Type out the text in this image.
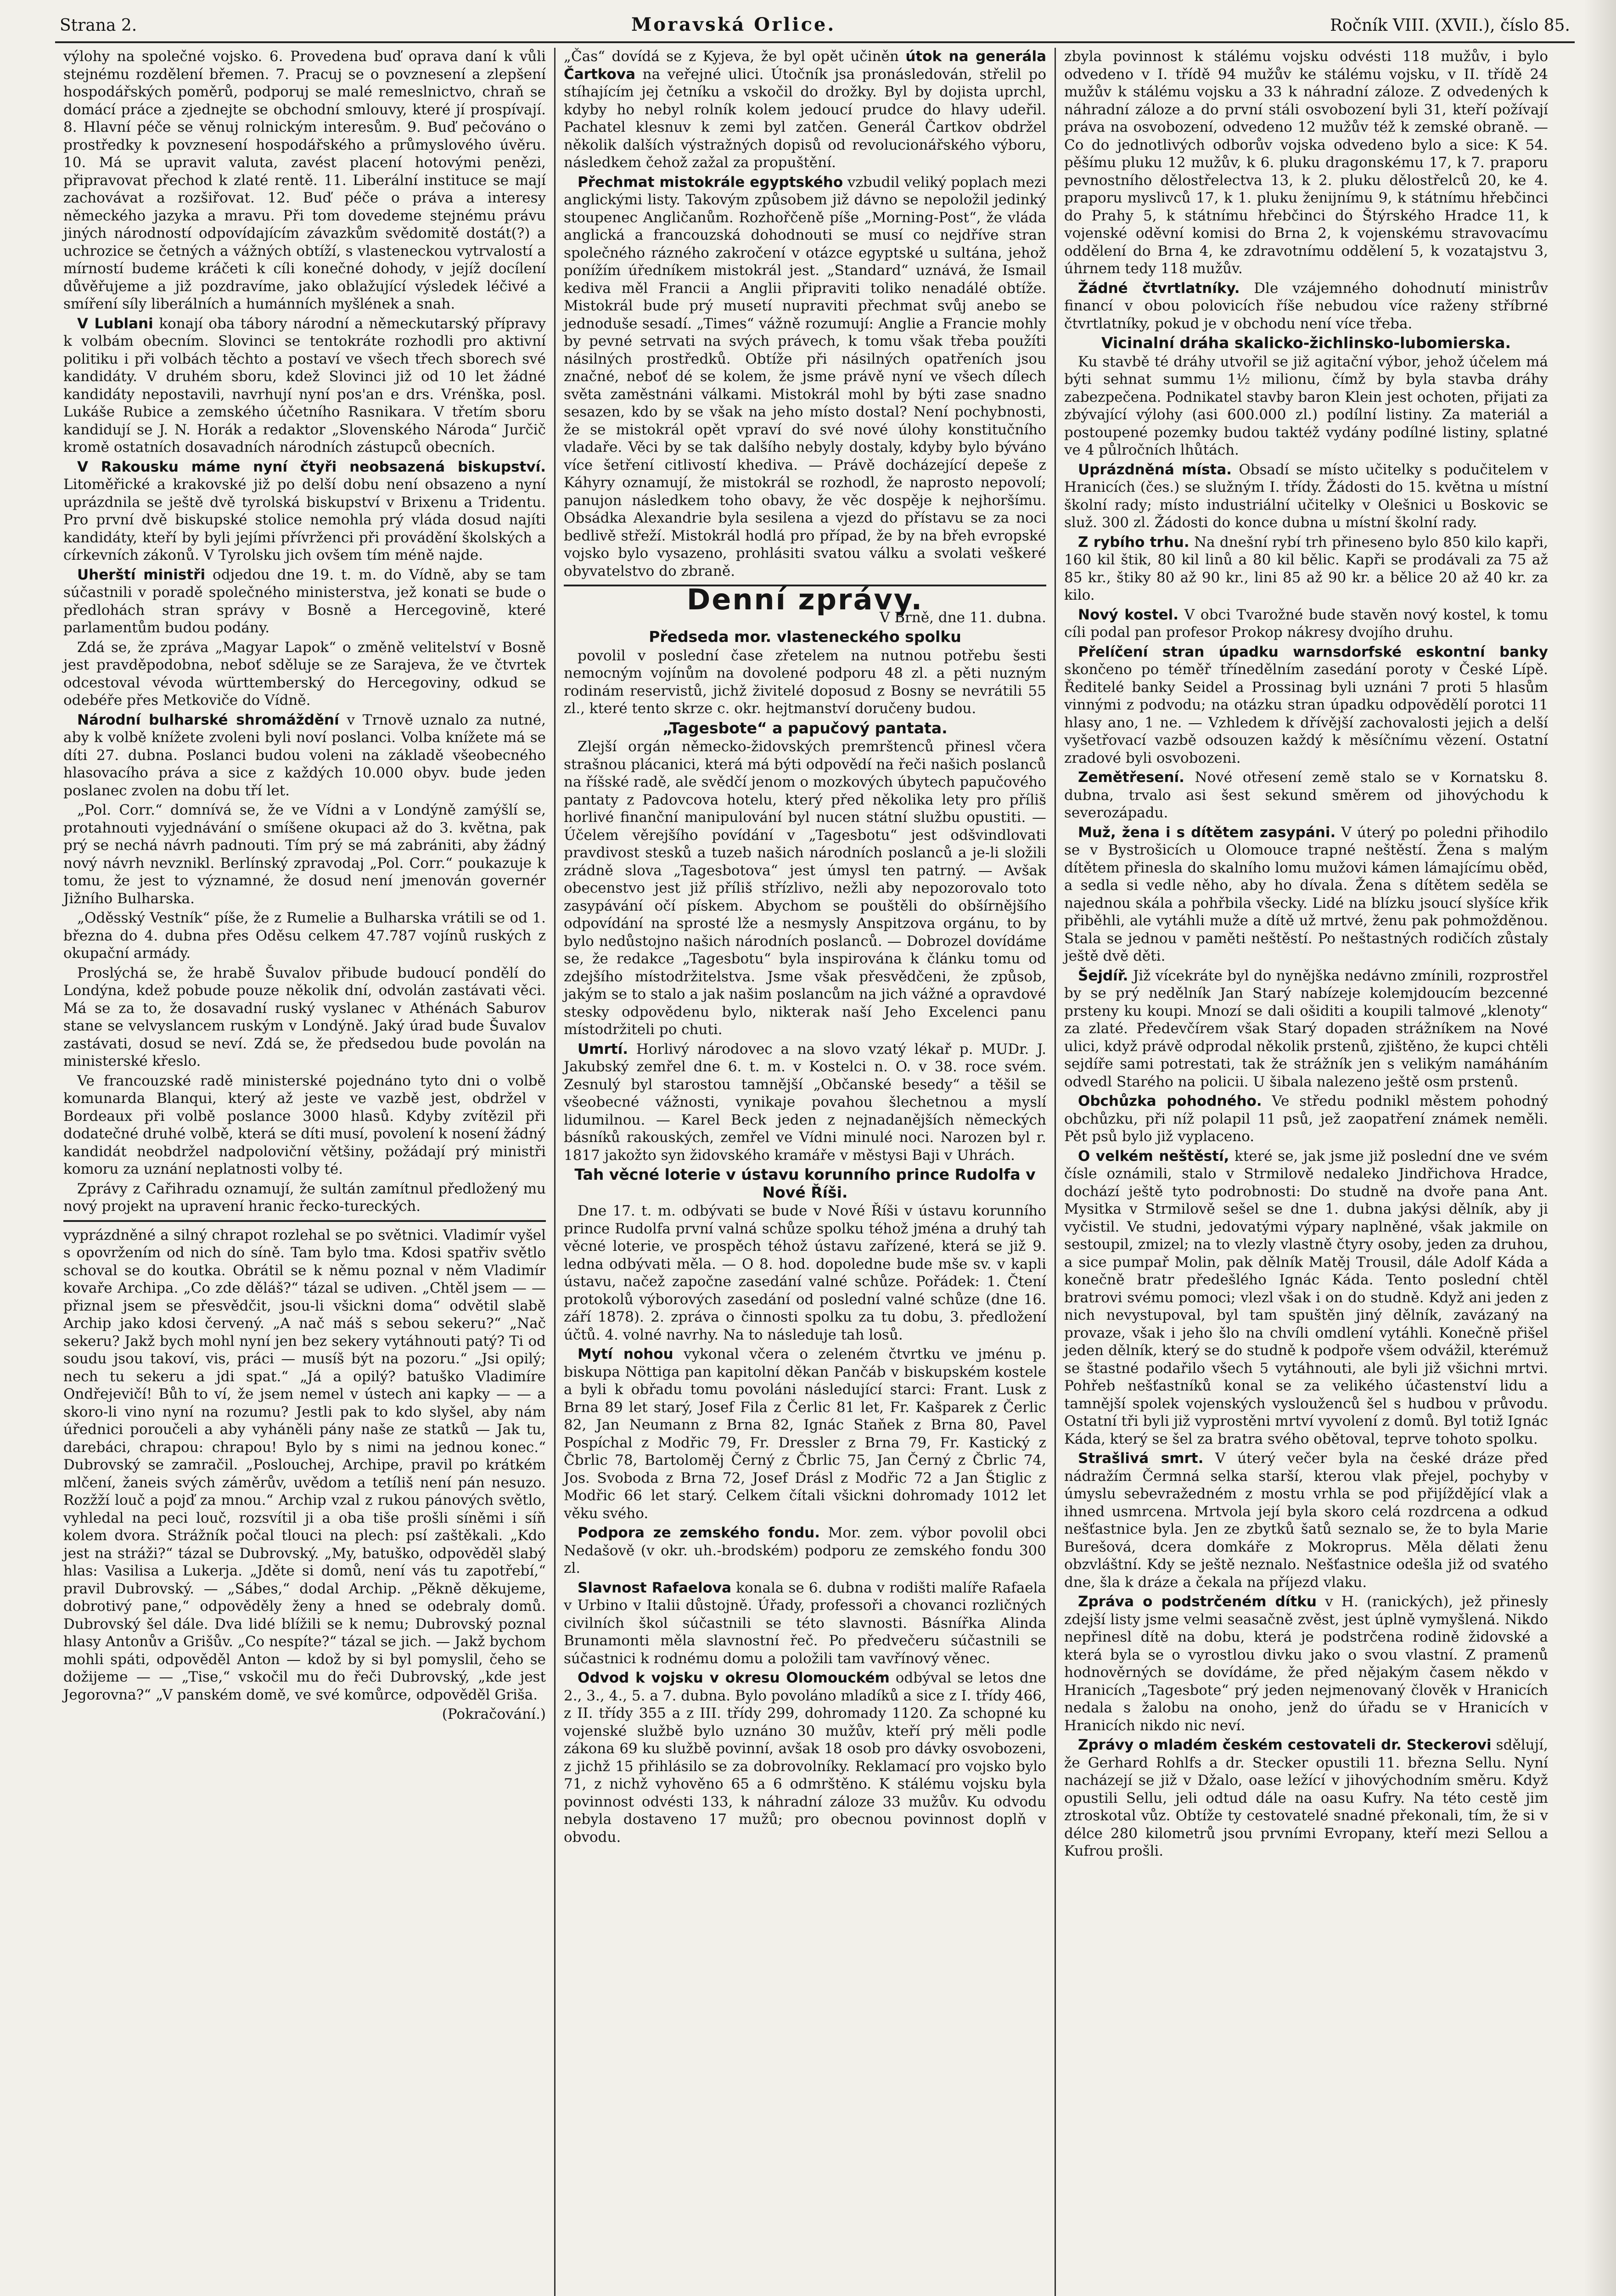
Strana 2.	Moravská Orlice.	Ročník VIII. (XVII.), číslo 85.

výlohy na společné vojsko. 6. Provedena buď oprava daní k vůli stejnému rozdělení břemen. 7. Pracuj se o povznesení a zlepšení hospodářských poměrů, podporuj se malé remeslnictvo, chraň se domácí práce a zjednejte se obchodní smlouvy, které jí prospívají. 8. Hlavní péče se věnuj rolnickým interesům. 9. Buď pečováno o prostředky k povznesení hospodářského a průmyslového úvěru. 10. Má se upravit valuta, zavést placení hotovými penězi, připravovat přechod k zlaté rentě. 11. Liberální instituce se mají zachovávat a rozšiřovat. 12. Buď péče o práva a interesy německého jazyka a mravu. Při tom dovedeme stejnému právu jiných národností odpovídajícím závazkům svědomitě dostát(?) a uchrozice se četných a vážných obtíží, s vlasteneckou vytrvalostí a mírností budeme kráčeti k cíli konečné dohody, v jejíž docílení důvěřujeme a již pozdravíme, jako oblažující výsledek léčivé a smíření síly liberálních a humánních myšlének a snah.

V Lublani konají oba tábory národní a německutarský přípravy k volbám obecním. Slovinci se tentokráte rozhodli pro aktivní politiku i při volbách těchto a postaví ve všech třech sborech své kandidáty. V druhém sboru, kdež Slovinci již od 10 let žádné kandidáty nepostavili, navrhují nyní pos'an e drs. Vrénška, posl. Lukáše Rubice a zemského účetního Rasnikara. V třetím sboru kandidují se J. N. Horák a redaktor „Slovenského Národa“ Jurčič kromě ostatních dosavadních národních zástupců obecních.

V Rakousku máme nyní čtyři neobsazená biskupství. Litoměřické a krakovské již po delší dobu není obsazeno a nyní uprázdnila se ještě dvě tyrolská biskupství v Brixenu a Tridentu. Pro první dvě biskupské stolice nemohla prý vláda dosud najíti kandidáty, kteří by byli jejími přívrženci při provádění školských a církevních zákonů. V Tyrolsku jich ovšem tím méně najde.

Uherští ministři odjedou dne 19. t. m. do Vídně, aby se tam súčastnili v poradě společného ministerstva, jež konati se bude o předlohách stran správy v Bosně a Hercegovině, které parlamentům budou podány.

Zdá se, že zpráva „Magyar Lapok“ o změně velitelství v Bosně jest pravděpodobna, neboť sděluje se ze Sarajeva, že ve čtvrtek odcestoval vévoda württemberský do Hercegoviny, odkud se odebéře přes Metkoviče do Vídně.

Národní bulharské shromáždění v Trnově uznalo za nutné, aby k volbě knížete zvoleni byli noví poslanci. Volba knížete má se díti 27. dubna. Poslanci budou voleni na základě všeobecného hlasovacího práva a sice z každých 10.000 obyv. bude jeden poslanec zvolen na dobu tří let.

„Pol. Corr.“ domnívá se, že ve Vídni a v Londýně zamýšlí se, protahnouti vyjednávání o smíšene okupaci až do 3. května, pak prý se nechá návrh padnouti. Tím prý se má zabrániti, aby žádný nový návrh nevznikl. Berlínský zpravodaj „Pol. Corr.“ poukazuje k tomu, že jest to významné, že dosud není jmenován governér Jižního Bulharska.

„Oděsský Vestník“ píše, že z Rumelie a Bulharska vrátili se od 1. března do 4. dubna přes Oděsu celkem 47.787 vojínů ruských z okupační armády.

Proslýchá se, že hrabě Šuvalov přibude budoucí pondělí do Londýna, kdež pobude pouze několik dní, odvolán zastávati věci. Má se za to, že dosavadní ruský vyslanec v Athénách Saburov stane se velvyslancem ruským v Londýně. Jaký úrad bude Šuvalov zastávati, dosud se neví. Zdá se, že předsedou bude povolán na ministerské křeslo.

Ve francouzské radě ministerské pojednáno tyto dni o volbě komunarda Blanqui, který až jeste ve vazbě jest, obdržel v Bordeaux při volbě poslance 3000 hlasů. Kdyby zvítězil při dodatečné druhé volbě, která se díti musí, povolení k nosení žádný kandidát neobdržel nadpoloviční většiny, požádají prý ministři komoru za uznání neplatnosti volby té.

Zprávy z Cařihradu oznamují, že sultán zamítnul předložený mu nový projekt na upravení hranic řecko-tureckých.

vyprázdněné a silný chrapot rozlehal se po světnici. Vladimír vyšel s opovržením od nich do síně. Tam bylo tma. Kdosi spatřiv světlo schoval se do koutka. Obrátil se k němu poznal v něm Vladimír kovaře Archipa. „Co zde děláš?“ tázal se udiven. „Chtěl jsem — — přiznal jsem se přesvědčit, jsou-li všickni doma“ odvětil slabě Archip jako kdosi červený. „A nač máš s sebou sekeru?“ „Nač sekeru? Jakž bych mohl nyní jen bez sekery vytáhnouti patý? Ti od soudu jsou takoví, vis, práci — musíš být na pozoru.“ „Jsi opilý; nech tu sekeru a jdi spat.“ „Já a opilý? batuško Vladimíre Ondřejevičí! Bůh to ví, že jsem nemel v ústech ani kapky — — a skoro-li vino nyní na rozumu? Jestli pak to kdo slyšel, aby nám úřednici poroučeli a aby vyháněli pány naše ze statků — Jak tu, darebáci, chrapou: chrapou! Bylo by s nimi na jednou konec.“ Dubrovský se zamračil. „Poslouchej, Archipe, pravil po krátkém mlčení, žaneis svých záměrův, uvědom a tetíliš není pán nesuzo. Rozžží louč a pojď za mnou.“ Archip vzal z rukou pánových světlo, vyhledal na peci louč, rozsvítil ji a oba tiše prošli síněmi i síň kolem dvora. Strážník počal tlouci na plech: psí zaštěkali. „Kdo jest na stráži?“ tázal se Dubrovský. „My, batuško, odpověděl slabý hlas: Vasilisa a Lukerja. „Jděte si domů, není vás tu zapotřebí,“ pravil Dubrovský. — „Sábes,“ dodal Archip. „Pěkně děkujeme, dobrotivý pane,“ odpověděly ženy a hned se odebraly domů. Dubrovský šel dále. Dva lidé blížili se k nemu; Dubrovský poznal hlasy Antonův a Grišův. „Co nespíte?“ tázal se jich. — Jakž bychom mohli spáti, odpověděl Anton — kdož by si byl pomyslil, čeho se dožijeme — — „Tise,“ vskočil mu do řeči Dubrovský, „kde jest Jegorovna?“ „V panském domě, ve své komůrce, odpověděl Griša.

(Pokračování.)

„Čas“ dovídá se z Kyjeva, že byl opět učiněn útok na generála Čartkova na veřejné ulici. Útočník jsa pronásledován, střelil po stíhajícím jej četníku a vskočil do drožky. Byl by dojista uprchl, kdyby ho nebyl rolník kolem jedoucí prudce do hlavy udeřil. Pachatel klesnuv k zemi byl zatčen. Generál Čartkov obdržel několik dalších výstražných dopisů od revolucionářského výboru, následkem čehož zažal za propuštění.

Přechmat mistokrále egyptského vzbudil veliký poplach mezi anglickými listy. Takovým způsobem již dávno se nepoložil jedinký stoupenec Angličanům. Rozhořčeně píše „Morning-Post“, že vláda anglická a francouzská dohodnouti se musí co nejdříve stran společného rázného zakročení v otázce egyptské u sultána, jehož ponížím úředníkem mistokrál jest. „Standard“ uznává, že Ismail kediva měl Francii a Anglii připraviti toliko nenadálé obtíže. Mistokrál bude prý musetí nupraviti přechmat svůj anebo se jednoduše sesadí. „Times“ vážně rozumují: Anglie a Francie mohly by pevné setrvati na svých právech, k tomu však třeba použíti násilných prostředků. Obtíže při násilných opatřeních jsou značné, neboť dé se kolem, že jsme právě nyní ve všech dílech světa zaměstnáni válkami. Mistokrál mohl by býti zase snadno sesazen, kdo by se však na jeho místo dostal? Není pochybnosti, že se mistokrál opět vpraví do své nové úlohy konstitučního vladaře. Věci by se tak dalšího nebyly dostaly, kdyby bylo býváno více šetření citlivostí khediva. — Právě docházející depeše z Káhyry oznamují, že mistokrál se rozhodl, že naprosto nepovolí; panujon následkem toho obavy, že věc dospěje k nejhoršímu. Obsádka Alexandrie byla sesilena a vjezd do přístavu se za noci bedlivě střeží. Mistokrál hodlá pro případ, že by na břeh evropské vojsko bylo vysazeno, prohlásiti svatou válku a svolati veškeré obyvatelstvo do zbraně.

Denní zprávy.
V Brně, dne 11. dubna.
Předseda mor. vlasteneckého spolku

povolil v poslední čase zřetelem na nutnou potřebu šesti nemocným vojínům na dovolené podporu 48 zl. a pěti nuzným rodinám reservistů, jichž živitelé doposud z Bosny se nevrátili 55 zl., které tento skrze c. okr. hejtmanství doručeny budou.

„Tagesbote“ a papučový pantata.

Zlejší orgán německo-židovských premrštenců přinesl včera strašnou plácanici, která má býti odpovědí na řeči našich poslanců na říšské radě, ale svědčí jenom o mozkových úbytech papučového pantaty z Padovcova hotelu, který před několika lety pro příliš horlivé finanční manipulování byl nucen státní službu opustiti. — Účelem věrejšího povídání v „Tagesbotu“ jest odšvindlovati pravdivost stesků a tuzeb našich národních poslanců a je-li složili zrádně slova „Tagesbotova“ jest úmysl ten patrný. — Avšak obecenstvo jest již příliš střízlivo, nežli aby nepozorovalo toto zasypávání očí pískem. Abychom se pouštěli do obšírnějšího odpovídání na sprosté lže a nesmysly Anspitzova orgánu, to by bylo nedůstojno našich národních poslanců. — Dobrozel dovídáme se, že redakce „Tagesbotu“ byla inspirována k článku tomu od zdejšího místodržitelstva. Jsme však přesvědčeni, že způsob, jakým se to stalo a jak našim poslancům na jich vážné a opravdové stesky odpovědenu bylo, nikterak naší Jeho Excelenci panu místodržiteli po chuti.

Umrtí. Horlivý národovec a na slovo vzatý lékař p. MUDr. J. Jakubský zemřel dne 6. t. m. v Kostelci n. O. v 38. roce svém. Zesnulý byl starostou tamnější „Občanské besedy“ a těšil se všeobecné vážnosti, vynikaje povahou šlechetnou a myslí lidumilnou. — Karel Beck jeden z nejnadanějších německých básníků rakouských, zemřel ve Vídni minulé noci. Narozen byl r. 1817 jakožto syn židovského kramáře v městysi Baji v Uhrách.

Tah věcné loterie v ústavu korunního prince Rudolfa v Nové Říši.

Dne 17. t. m. odbývati se bude v Nové Říši v ústavu korunního prince Rudolfa první valná schůze spolku téhož jména a druhý tah věcné loterie, ve prospěch téhož ústavu zařízené, která se již 9. ledna odbývati měla. — O 8. hod. dopoledne bude mše sv. v kapli ústavu, načež započne zasedání valné schůze. Pořádek: 1. Čtení protokolů výborových zasedání od poslední valné schůze (dne 16. září 1878). 2. zpráva o činnosti spolku za tu dobu, 3. předložení účtů. 4. volné navrhy. Na to následuje tah losů.

Mytí nohou vykonal včera o zeleném čtvrtku ve jménu p. biskupa Nöttiga pan kapitolní děkan Pančáb v biskupském kostele a byli k obřadu tomu povoláni následující starci: Frant. Lusk z Brna 89 let starý, Josef Fila z Čerlic 81 let, Fr. Kašparek z Čerlic 82, Jan Neumann z Brna 82, Ignác Staňek z Brna 80, Pavel Pospíchal z Modřic 79, Fr. Dressler z Brna 79, Fr. Kastický z Čbrlic 78, Bartoloměj Černý z Čbrlic 75, Jan Černý z Čbrlic 74, Jos. Svoboda z Brna 72, Josef Drásl z Modřic 72 a Jan Štiglic z Modřic 66 let starý. Celkem čítali všickni dohromady 1012 let věku svého.

Podpora ze zemského fondu. Mor. zem. výbor povolil obci Nedašově (v okr. uh.-brodském) podporu ze zemského fondu 300 zl.

Slavnost Rafaelova konala se 6. dubna v rodišti malíře Rafaela v Urbino v Italii důstojně. Úřady, professoři a chovanci rozličných civilních škol súčastnili se této slavnosti. Básnířka Alinda Brunamonti měla slavnostní řeč. Po předvečeru súčastnili se súčastnici k rodnému domu a položili tam vavřínový věnec.

Odvod k vojsku v okresu Olomouckém odbýval se letos dne 2., 3., 4., 5. a 7. dubna. Bylo povoláno mladíků a sice z I. třídy 466, z II. třídy 355 a z III. třídy 299, dohromady 1120. Za schopné ku vojenské službě bylo uznáno 30 mužův, kteří prý měli podle zákona 69 ku službě povinní, avšak 18 osob pro dávky osvobozeni, z jichž 15 přihlásilo se za dobrovolníky. Reklamací pro vojsko bylo 71, z nichž vyhověno 65 a 6 odmrštěno. K stálému vojsku byla povinnost odvésti 133, k náhradní záloze 33 mužův. Ku odvodu nebyla dostaveno 17 mužů; pro obecnou povinnost doplň v obvodu.

zbyla povinnost k stálému vojsku odvésti 118 mužův, i bylo odvedeno v I. třídě 94 mužův ke stálému vojsku, v II. třídě 24 mužův k stálému vojsku a 33 k náhradní záloze. Z odvedených k náhradní záloze a do první stáli osvobození byli 31, kteří požívají práva na osvobození, odvedeno 12 mužův též k zemské obraně. — Co do jednotlivých odborův vojska odvedeno bylo a sice: K 54. pěšímu pluku 12 mužův, k 6. pluku dragonskému 17, k 7. praporu pevnostního dělostřelectva 13, k 2. pluku dělostřelců 20, ke 4. praporu myslivců 17, k 1. pluku ženijnímu 9, k státnímu hřebčinci do Prahy 5, k státnímu hřebčinci do Štýrského Hradce 11, k vojenské oděvní komisi do Brna 2, k vojenskému stravovacímu oddělení do Brna 4, ke zdravotnímu oddělení 5, k vozatajstvu 3, úhrnem tedy 118 mužův.

Žádné čtvrtlatníky. Dle vzájemného dohodnutí ministrův financí v obou polovicích říše nebudou více raženy stříbrné čtvrtlatníky, pokud je v obchodu není více třeba.

Vicinalní dráha skalicko-žichlinsko-lubomierska.

Ku stavbě té dráhy utvořil se již agitační výbor, jehož účelem má býti sehnat summu 1½ milionu, čímž by byla stavba dráhy zabezpečena. Podnikatel stavby baron Klein jest ochoten, přijati za zbývající výlohy (asi 600.000 zl.) podílní listiny. Za materiál a postoupené pozemky budou taktéž vydány podílné listiny, splatné ve 4 půlročních lhůtách.

Uprázdněná místa. Obsadí se místo učitelky s podučitelem v Hranicích (čes.) se služným I. třídy. Žádosti do 15. května u místní školní rady; místo industriální učitelky v Olešnici u Boskovic se služ. 300 zl. Žádosti do konce dubna u místní školní rady.

Z rybího trhu. Na dnešní rybí trh přineseno bylo 850 kilo kapři, 160 kil štik, 80 kil linů a 80 kil bělic. Kapři se prodávali za 75 až 85 kr., štiky 80 až 90 kr., lini 85 až 90 kr. a bělice 20 až 40 kr. za kilo.

Nový kostel. V obci Tvarožné bude stavěn nový kostel, k tomu cíli podal pan profesor Prokop nákresy dvojího druhu.

Přelíčení stran úpadku warnsdorfské eskontní banky skončeno po téměř třínedělním zasedání poroty v České Lípě. Ředitelé banky Seidel a Prossinag byli uznáni 7 proti 5 hlasům vinnými z podvodu; na otázku stran úpadku odpovědělí porotci 11 hlasy ano, 1 ne. — Vzhledem k dřívější zachovalosti jejich a delší vyšetřovací vazbě odsouzen každý k měsíčnímu vězení. Ostatní zradové byli osvobozeni.

Zemětřesení. Nové otřesení země stalo se v Kornatsku 8. dubna, trvalo asi šest sekund směrem od jihovýchodu k severozápadu.

Muž, žena i s dítětem zasypáni. V úterý po poledni přihodilo se v Bystrošicích u Olomouce trapné neštěstí. Žena s malým dítětem přinesla do skalního lomu mužovi kámen lámajícímu oběd, a sedla si vedle něho, aby ho dívala. Žena s dítětem seděla se najednou skála a pohřbila všecky. Lidé na blízku jsoucí slyšíce křik přiběhli, ale vytáhli muže a dítě už mrtvé, ženu pak pohmožděnou. Stala se jednou v paměti neštěstí. Po neštastných rodičích zůstaly ještě dvě děti.

Šejdíř. Již vícekráte byl do nynějška nedávno zmínili, rozprostřel by se prý nedělník Jan Starý nabízeje kolemjdoucím bezcenné prsteny ku koupi. Mnozí se dali ošiditi a koupili talmové „klenoty“ za zlaté. Předevčírem však Starý dopaden strážníkem na Nové ulici, když právě odprodal několik prstenů, zjištěno, že kupci chtěli sejdíře sami potrestati, tak že strážník jen s velikým namáháním odvedl Starého na policii. U šibala nalezeno ještě osm prstenů.

Obchůzka pohodného. Ve středu podnikl městem pohodný obchůzku, při níž polapil 11 psů, jež zaopatření známek neměli. Pět psů bylo již vyplaceno.

O velkém neštěstí, které se, jak jsme již poslední dne ve svém čísle oznámili, stalo v Strmilově nedaleko Jindřichova Hradce, dochází ještě tyto podrobnosti: Do studně na dvoře pana Ant. Mysitka v Strmilově sešel se dne 1. dubna jakýsi dělník, aby ji vyčistil. Ve studni, jedovatými výpary naplněné, však jakmile on sestoupil, zmizel; na to vlezly vlastně čtyry osoby, jeden za druhou, a sice pumpař Molin, pak dělník Matěj Trousil, dále Adolf Káda a konečně bratr předešlého Ignác Káda. Tento poslední chtěl bratrovi svému pomoci; vlezl však i on do studně. Když ani jeden z nich nevystupoval, byl tam spuštěn jiný dělník, zavázaný na provaze, však i jeho šlo na chvíli omdlení vytáhli. Konečně přišel jeden dělník, který se do studně k podpoře všem odvážil, kterémuž se štastné podařilo všech 5 vytáhnouti, ale byli již všichni mrtvi. Pohřeb nešťastníků konal se za velikého účastenství lidu a tamnější spolek vojenských vyslouženců šel s hudbou v průvodu. Ostatní tři byli již vyprostěni mrtví vyvolení z domů. Byl totiž Ignác Káda, který se šel za bratra svého obětoval, teprve tohoto spolku.

Strašlivá smrt. V úterý večer byla na české dráze před nádražím Čermná selka starší, kterou vlak přejel, pochyby v úmyslu sebevražedném z mostu vrhla se pod přijíždějící vlak a ihned usmrcena. Mrtvola její byla skoro celá rozdrcena a odkud nešťastnice byla. Jen ze zbytků šatů seznalo se, že to byla Marie Burešová, dcera domkáře z Mokroprus. Měla dělati ženu obzvláštní. Kdy se ještě neznalo. Nešťastnice odešla již od svatého dne, šla k dráze a čekala na příjezd vlaku.

Zpráva o podstrčeném dítku v H. (ranických), jež přinesly zdejší listy jsme velmi seasačně zvěst, jest úplně vymyšlená. Nikdo nepřinesl dítě na dobu, která je podstrčena rodině židovské a která byla se o vyrostlou divku jako o svou vlastní. Z pramenů hodnověrných se dovídáme, že před nějakým časem někdo v Hranicích „Tagesbote“ prý jeden nejmenovaný člověk v Hranicích nedala s žalobu na onoho, jenž do úřadu se v Hranicích v Hranicích nikdo nic neví.

Zprávy o mladém českém cestovateli dr. Steckerovi sdělují, že Gerhard Rohlfs a dr. Stecker opustili 11. března Sellu. Nyní nacházejí se již v Džalo, oase ležící v jihovýchodním směru. Když opustili Sellu, jeli odtud dále na oasu Kufry. Na této cestě jim ztroskotal vůz. Obtíže ty cestovatelé snadné překonali, tím, že si v délce 280 kilometrů jsou prvními Evropany, kteří mezi Sellou a Kufrou prošli.
